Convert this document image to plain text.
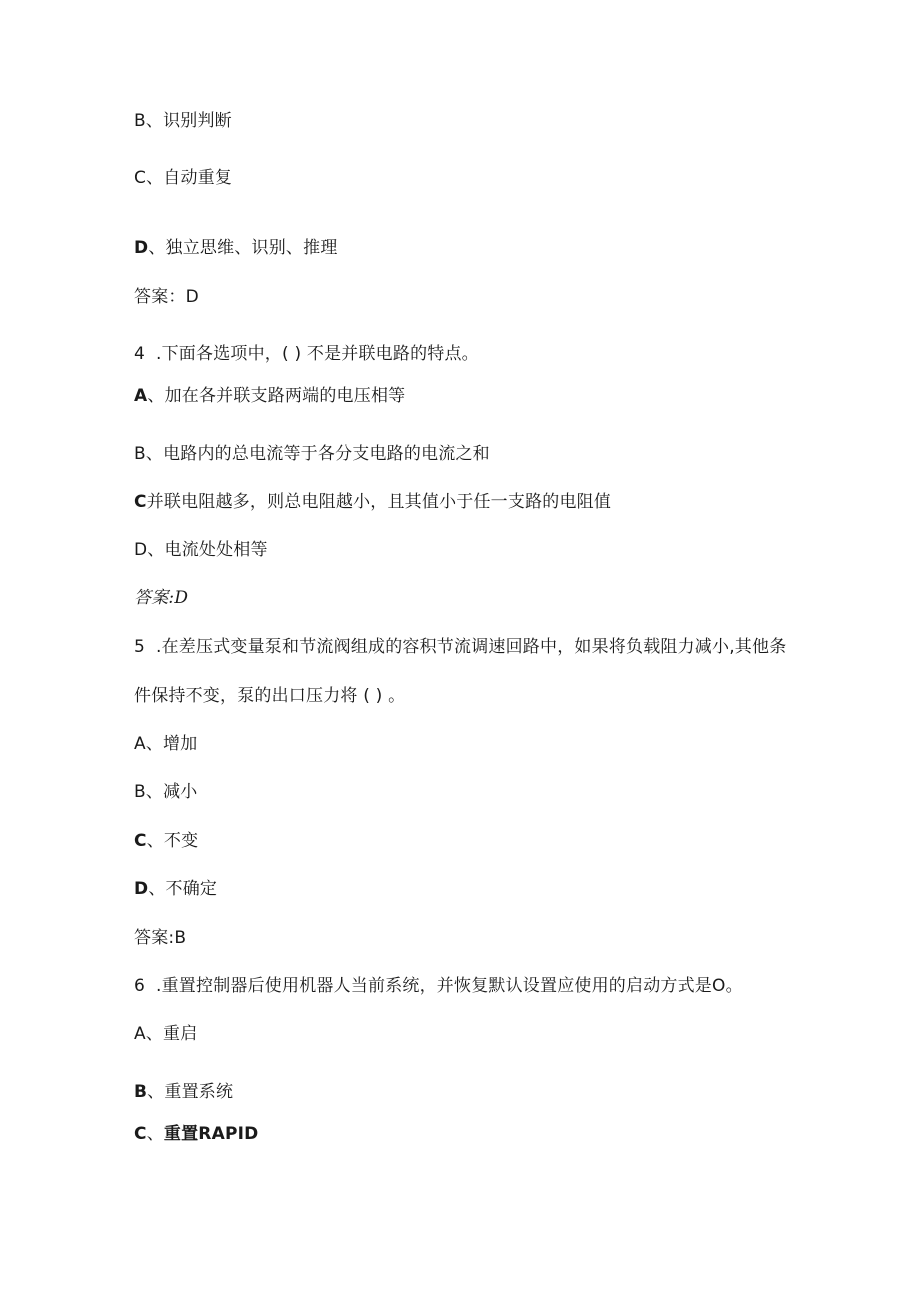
B、识别判断
C、自动重复
D、独立思维、识别、推理
答案：D
4 .下面各选项中，( ) 不是并联电路的特点。
A、加在各并联支路两端的电压相等
B、电路内的总电流等于各分支电路的电流之和
C并联电阻越多，则总电阻越小，且其值小于任一支路的电阻值
D、电流处处相等
答案:D
5 .在差压式变量泵和节流阀组成的容积节流调速回路中，如果将负载阻力减小,其他条
件保持不变，泵的出口压力将 ( ) 。
A、增加
B、减小
C、不变
D、不确定
答案:B
6 .重置控制器后使用机器人当前系统，并恢复默认设置应使用的启动方式是O。
A、重启
B、重置系统
C、重置RAPID
